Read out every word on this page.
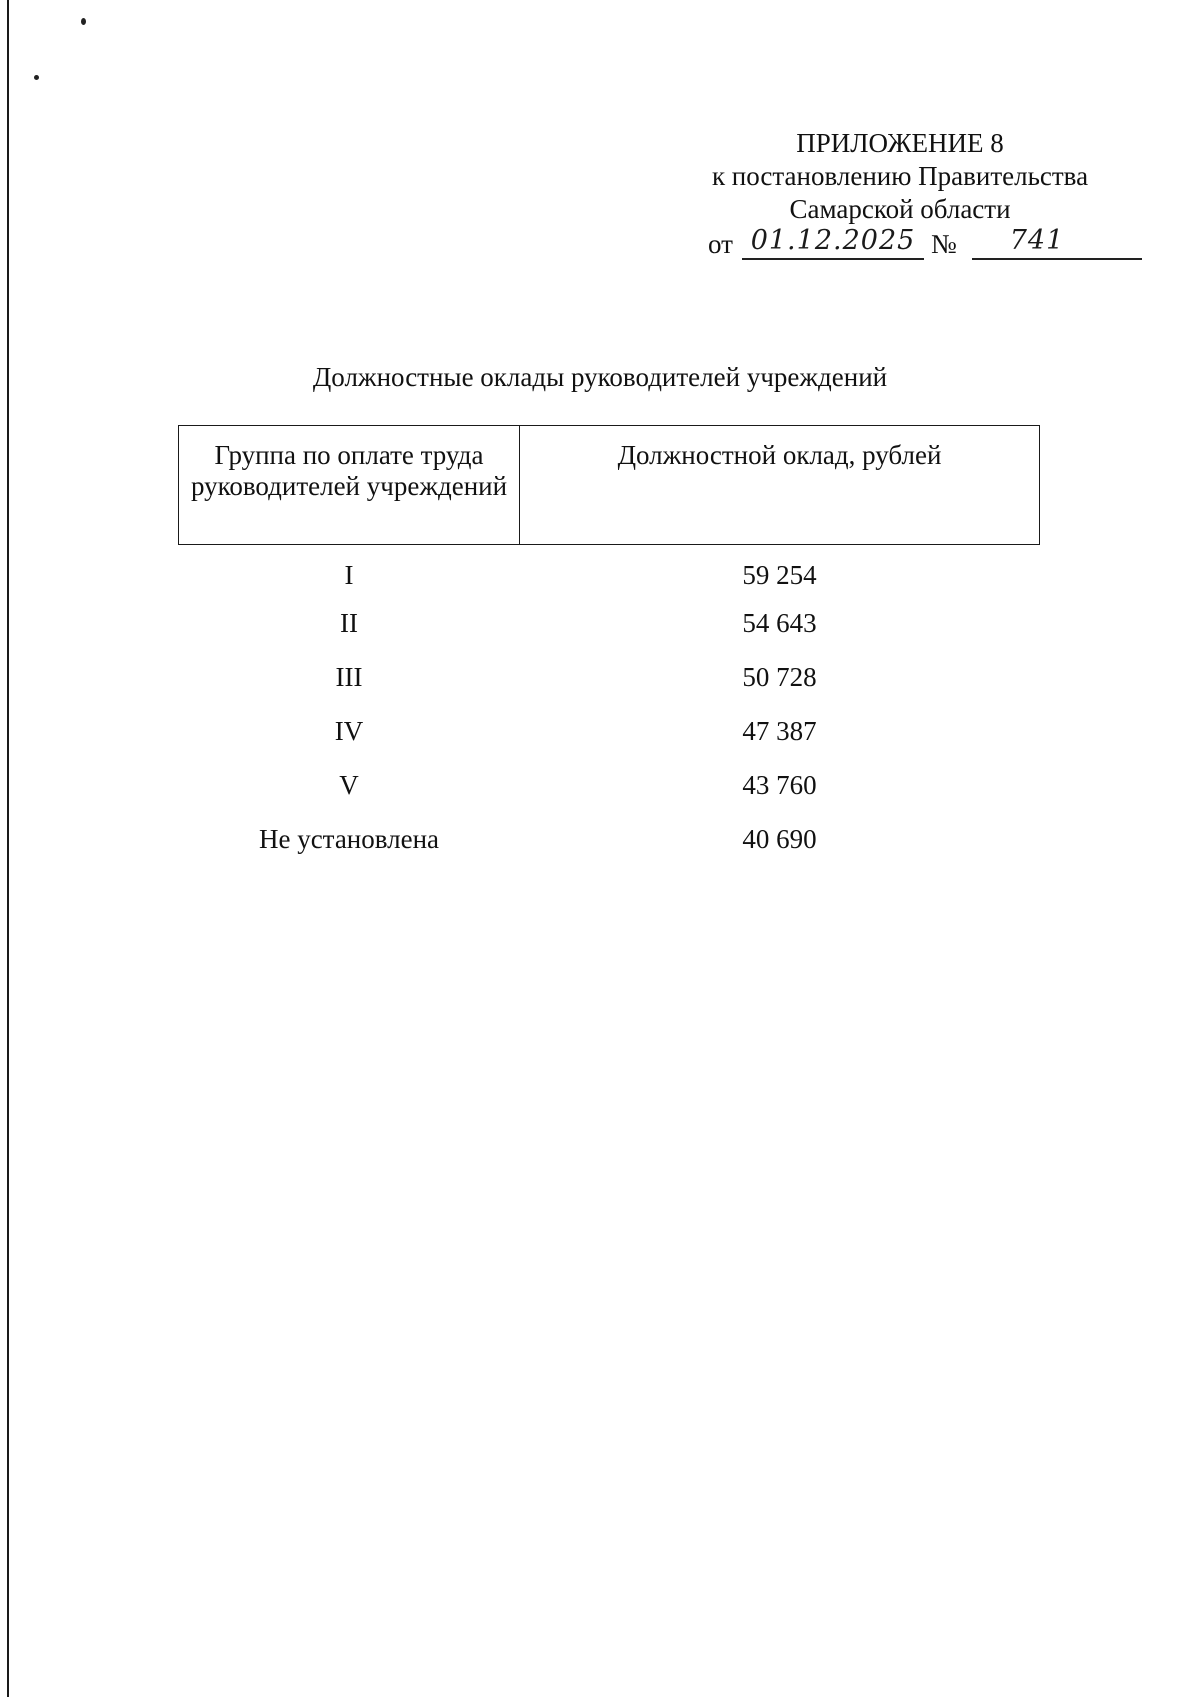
ПРИЛОЖЕНИЕ 8
к постановлению Правительства
Самарской области
от 01.12.2025 №	741
Должностные оклады руководителей учреждений
Группа по оплате труда руководителей учреждений	Должностной оклад, рублей
I	59 254
II	54 643
III	50 728
IV	47 387
V	43 760
Не установлена	40 690
